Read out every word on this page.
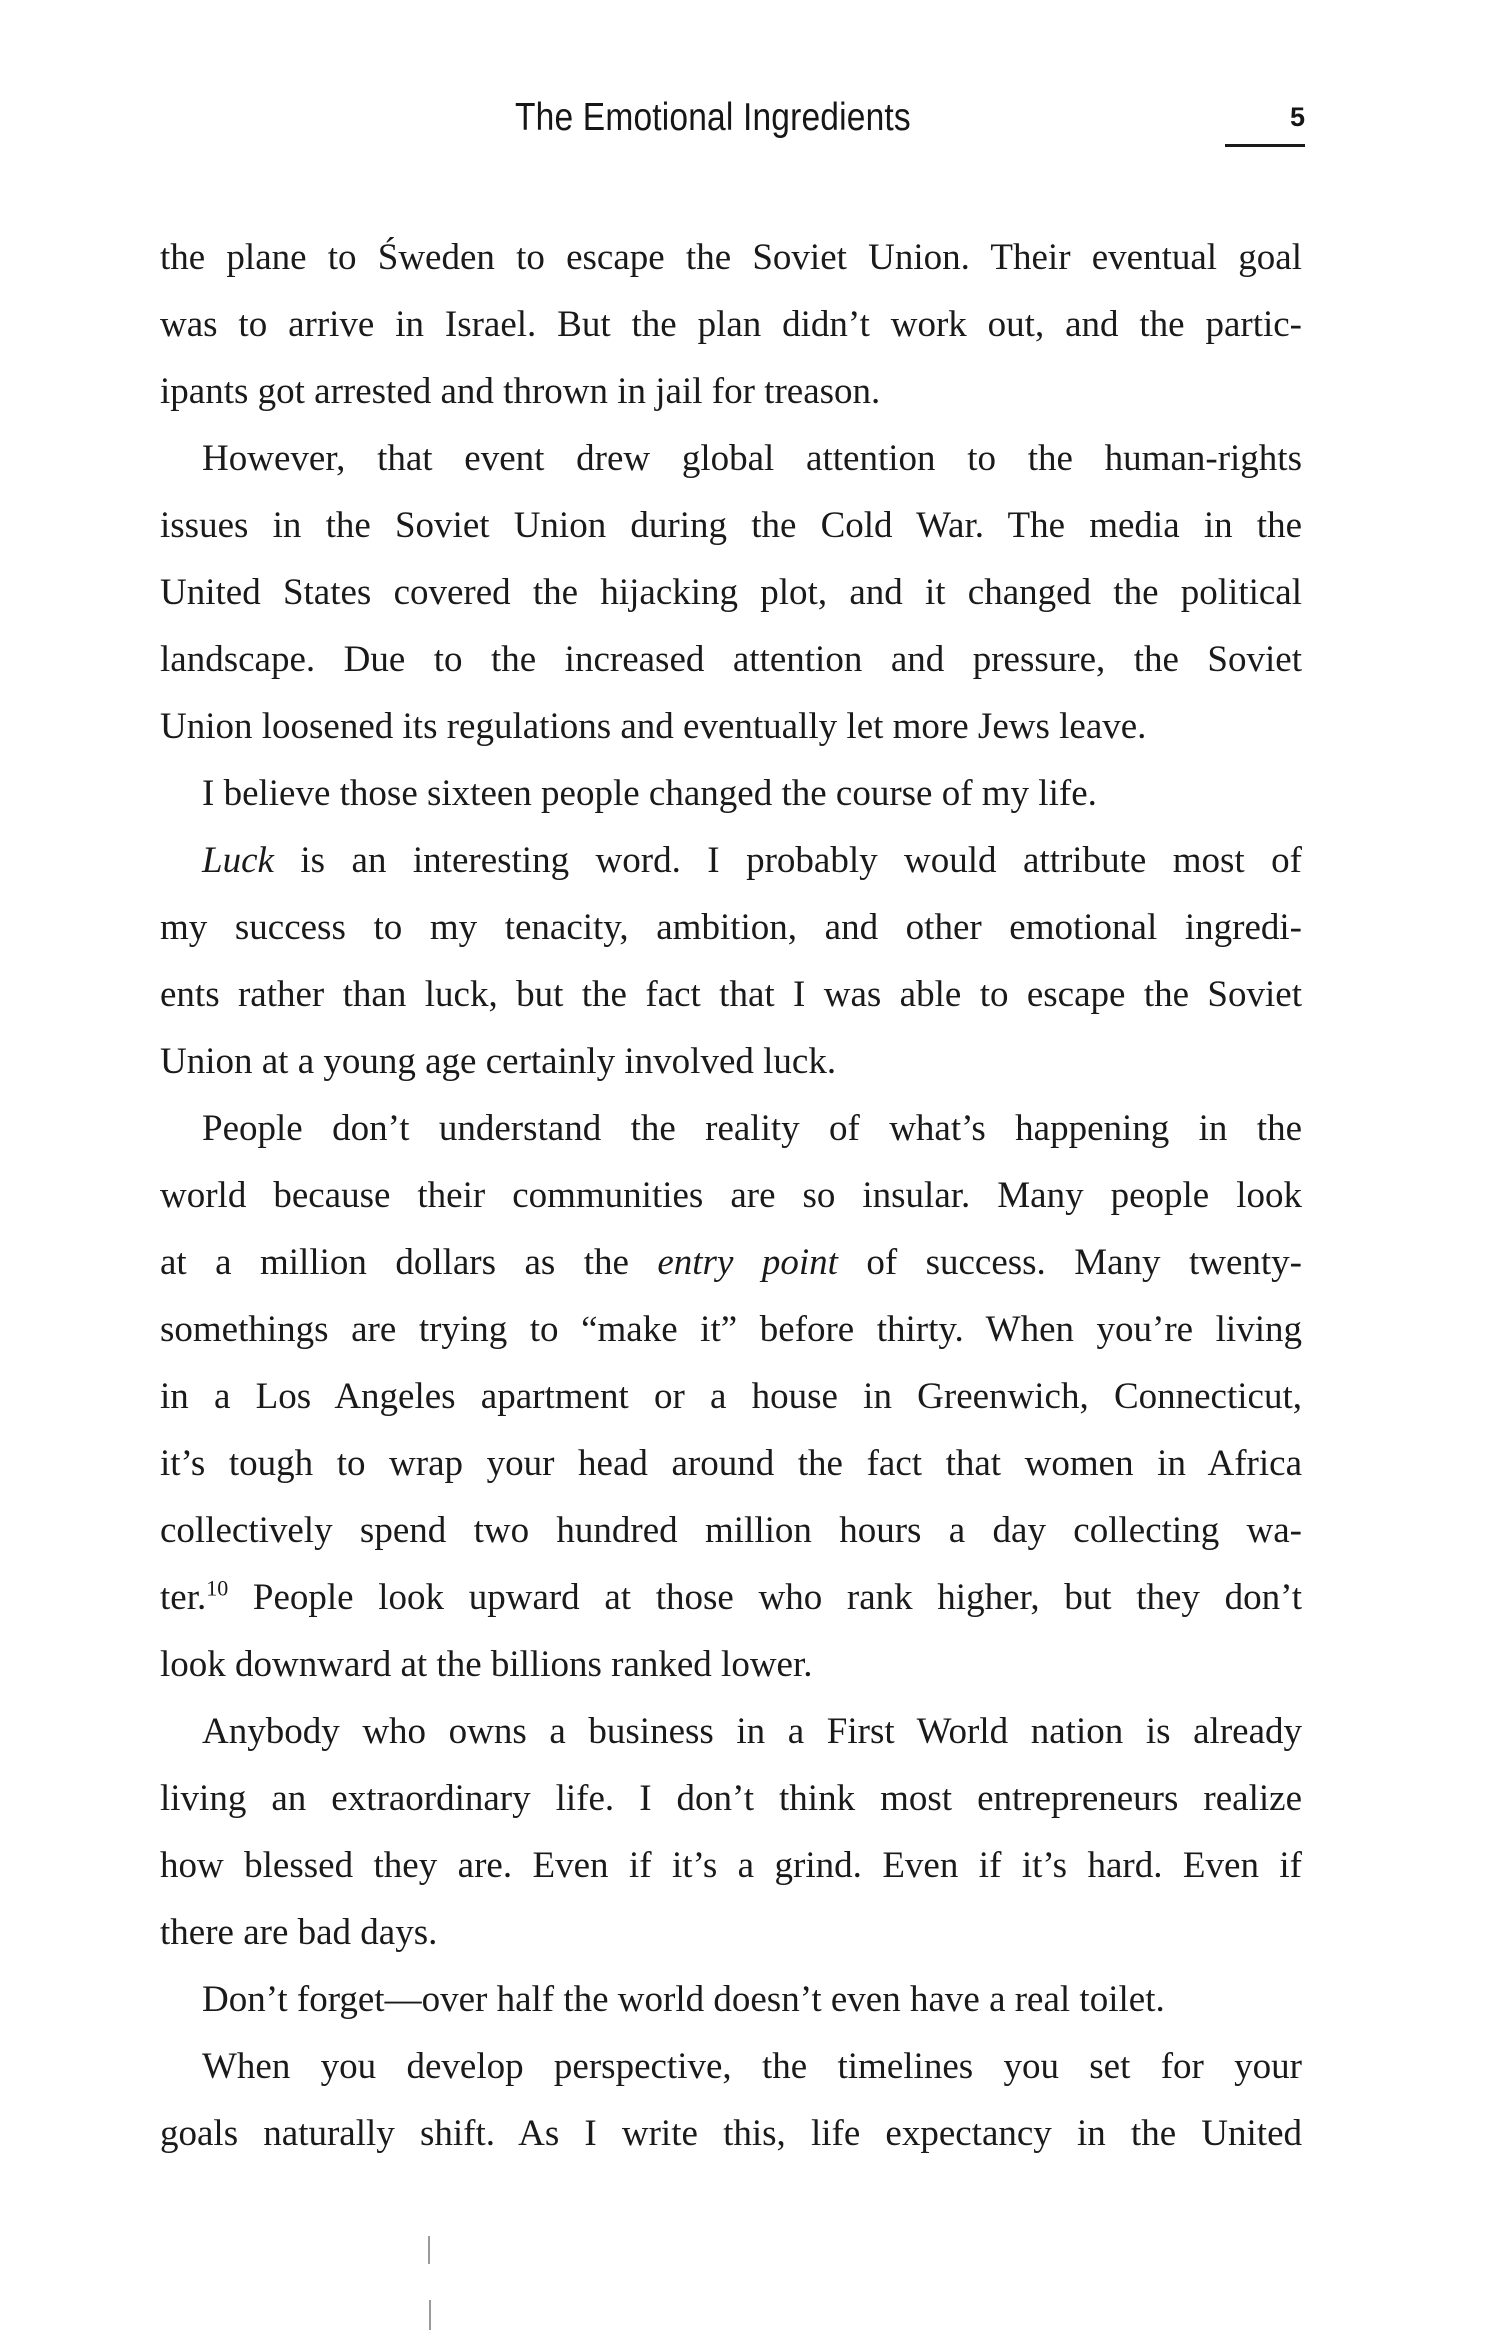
The Emotional Ingredients	5

the plane to Śweden to escape the Soviet Union. Their eventual goal
was to arrive in Israel. But the plan didn’t work out, and the partic-
ipants got arrested and thrown in jail for treason.

However, that event drew global attention to the human-rights
issues in the Soviet Union during the Cold War. The media in the
United States covered the hijacking plot, and it changed the political
landscape. Due to the increased attention and pressure, the Soviet
Union loosened its regulations and eventually let more Jews leave.

I believe those sixteen people changed the course of my life.

Luck is an interesting word. I probably would attribute most of
my success to my tenacity, ambition, and other emotional ingredi-
ents rather than luck, but the fact that I was able to escape the Soviet
Union at a young age certainly involved luck.

People don’t understand the reality of what’s happening in the
world because their communities are so insular. Many people look
at a million dollars as the entry point of success. Many twenty-
somethings are trying to “make it” before thirty. When you’re living
in a Los Angeles apartment or a house in Greenwich, Connecticut,
it’s tough to wrap your head around the fact that women in Africa
collectively spend two hundred million hours a day collecting wa-
ter.$^{10}$ People look upward at those who rank higher, but they don’t
look downward at the billions ranked lower.

Anybody who owns a business in a First World nation is already
living an extraordinary life. I don’t think most entrepreneurs realize
how blessed they are. Even if it’s a grind. Even if it’s hard. Even if
there are bad days.

Don’t forget—over half the world doesn’t even have a real toilet.

When you develop perspective, the timelines you set for your
goals naturally shift. As I write this, life expectancy in the United
